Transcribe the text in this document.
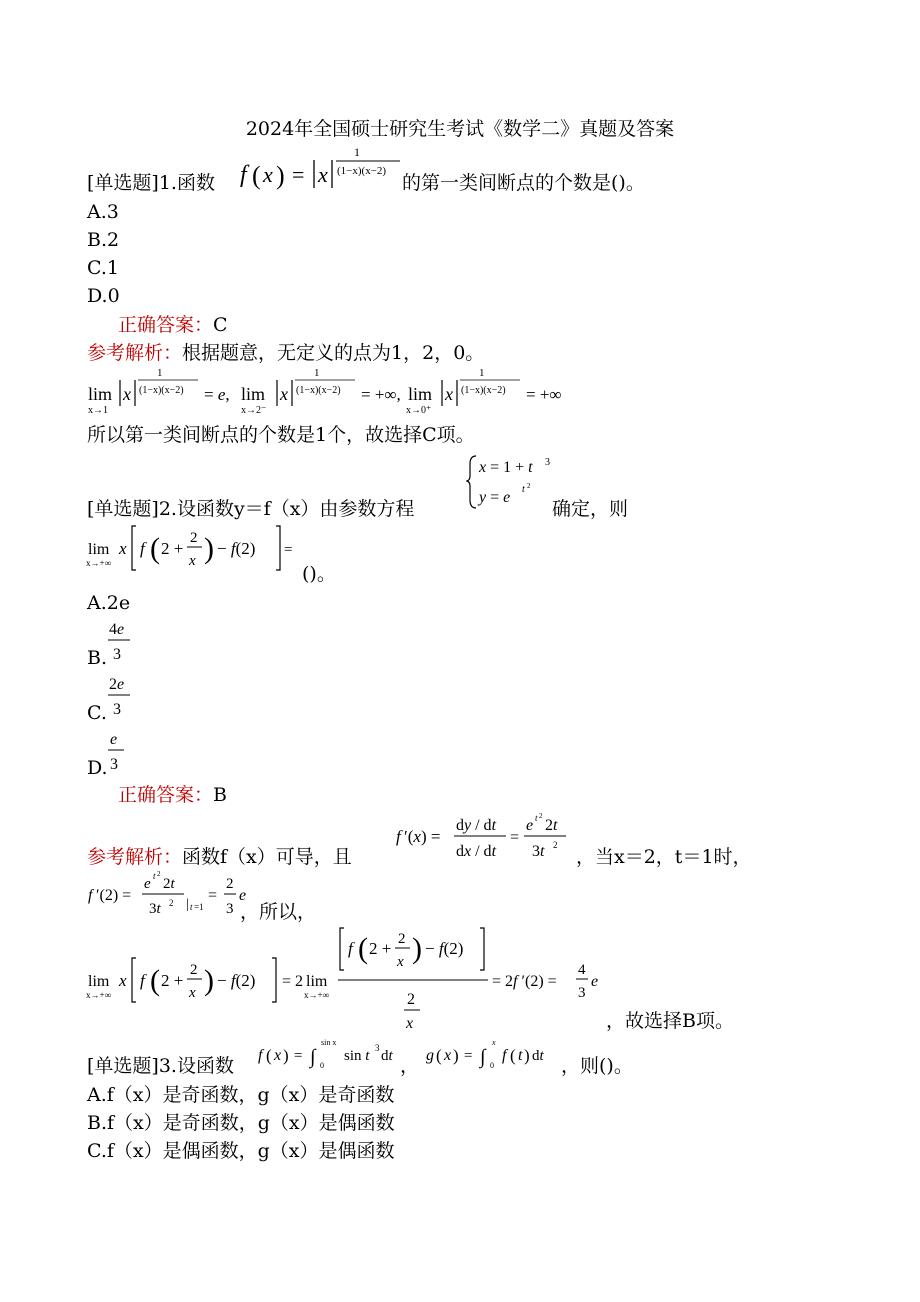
2024年全国硕士研究生考试《数学二》真题及答案
[单选题]1.函数 f ( x ) = x
1
(1−x)(x−2)
的第一类间断点的个数是()。
A.3
B.2
C.1
D.0
正确答案：C
参考解析：根据题意，无定义的点为1，2，0。
lim
x→1
x
1
(1−x)(x−2) = e, lim
x→2⁻
x
1
(1−x)(x−2) = +∞, lim
x→0⁺
x
1
(1−x)(x−2) = +∞
所以第一类间断点的个数是1个，故选择C项。
x = 1 + t 3
y = e t 2
[单选题]2.设函数y＝f（x）由参数方程	确定，则
lim
x→+∞
x f ( 2 +
2
x ) − f(2) =
()。
A.2e
B.
4e
3
C.
2e
3
D.
e
3
正确答案：B
参考解析：函数f（x）可导，且
f ′(x) =
dy / dt
dx / dt
=
e t 2
2t
3t 2
，当x＝2，t＝1时，
f ′(2) =
e t 2
2t
3t 2 | t =1
=
2
3
e
，所以，
lim
x→+∞
x f ( 2 +
2
x ) − f(2) = 2 lim
x→+∞
f ( 2 + 2
x ) − f(2)
2
x
= 2f ′(2) =
4
3
e
，故选择B项。
[单选题]3.设函数 f ( x ) = ∫
sin x
0
sin t 3 dt ， g ( x ) = ∫
x
0
f ( t ) dt ，则()。
A.f（x）是奇函数，g（x）是奇函数
B.f（x）是奇函数，g（x）是偶函数
C.f（x）是偶函数，g（x）是偶函数
